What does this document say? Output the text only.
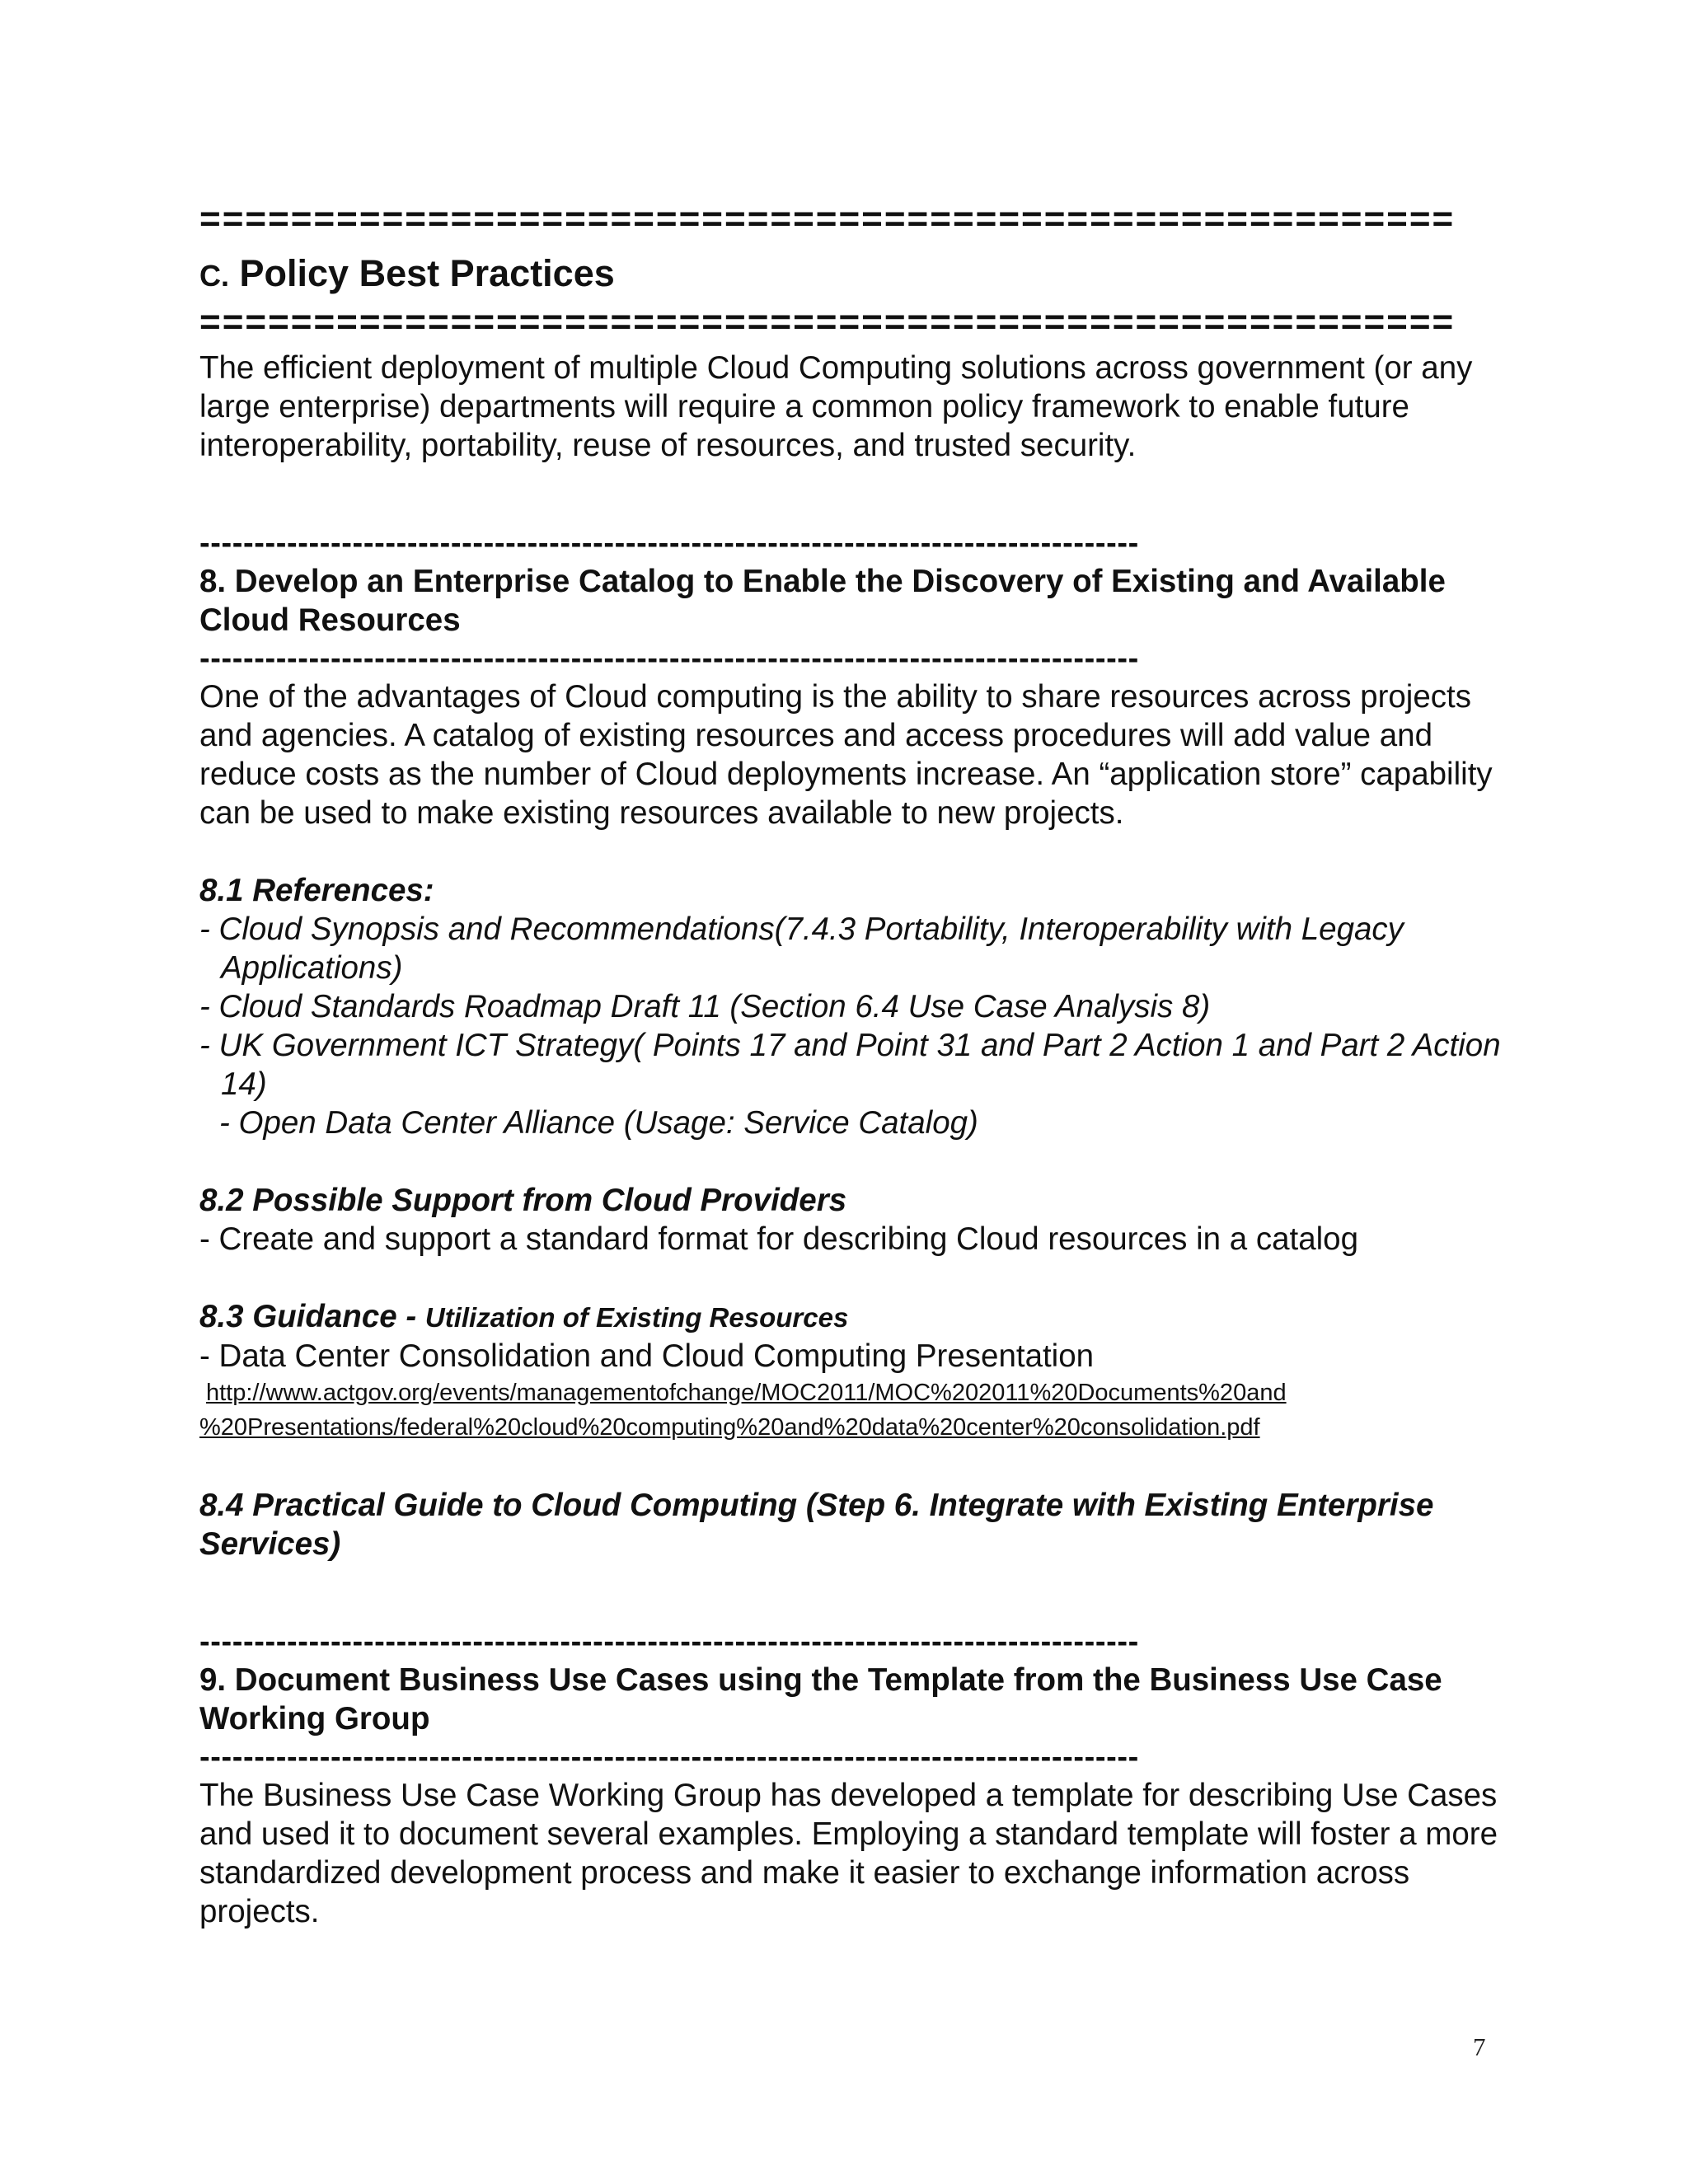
=======================================================
C. Policy Best Practices
=======================================================

The efficient deployment of multiple Cloud Computing solutions across government (or any large enterprise) departments will require a common policy framework to enable future interoperability, portability, reuse of resources, and trusted security.

--------------------------------------------------------------------------------------

8. Develop an Enterprise Catalog to Enable the Discovery of Existing and Available Cloud Resources

--------------------------------------------------------------------------------------

One of the advantages of Cloud computing is the ability to share resources across projects and agencies. A catalog of existing resources and access procedures will add value and reduce costs as the number of Cloud deployments increase. An “application store” capability can be used to make existing resources available to new projects.

8.1 References:

- Cloud Synopsis and Recommendations(7.4.3 Portability, Interoperability with Legacy Applications)

- Cloud Standards Roadmap Draft 11 (Section 6.4 Use Case Analysis 8)

- UK Government ICT Strategy( Points 17 and Point 31 and Part 2 Action 1 and Part 2 Action 14)

- Open Data Center Alliance (Usage: Service Catalog)

8.2 Possible Support from Cloud Providers

- Create and support a standard format for describing Cloud resources in a catalog

8.3 Guidance - Utilization of Existing Resources

- Data Center Consolidation and Cloud Computing Presentation

http://www.actgov.org/events/managementofchange/MOC2011/MOC%202011%20Documents%20and

%20Presentations/federal%20cloud%20computing%20and%20data%20center%20consolidation.pdf

8.4 Practical Guide to Cloud Computing (Step 6. Integrate with Existing Enterprise Services)

--------------------------------------------------------------------------------------

9. Document Business Use Cases using the Template from the Business Use Case Working Group

--------------------------------------------------------------------------------------

The Business Use Case Working Group has developed a template for describing Use Cases and used it to document several examples. Employing a standard template will foster a more standardized development process and make it easier to exchange information across projects.

7
